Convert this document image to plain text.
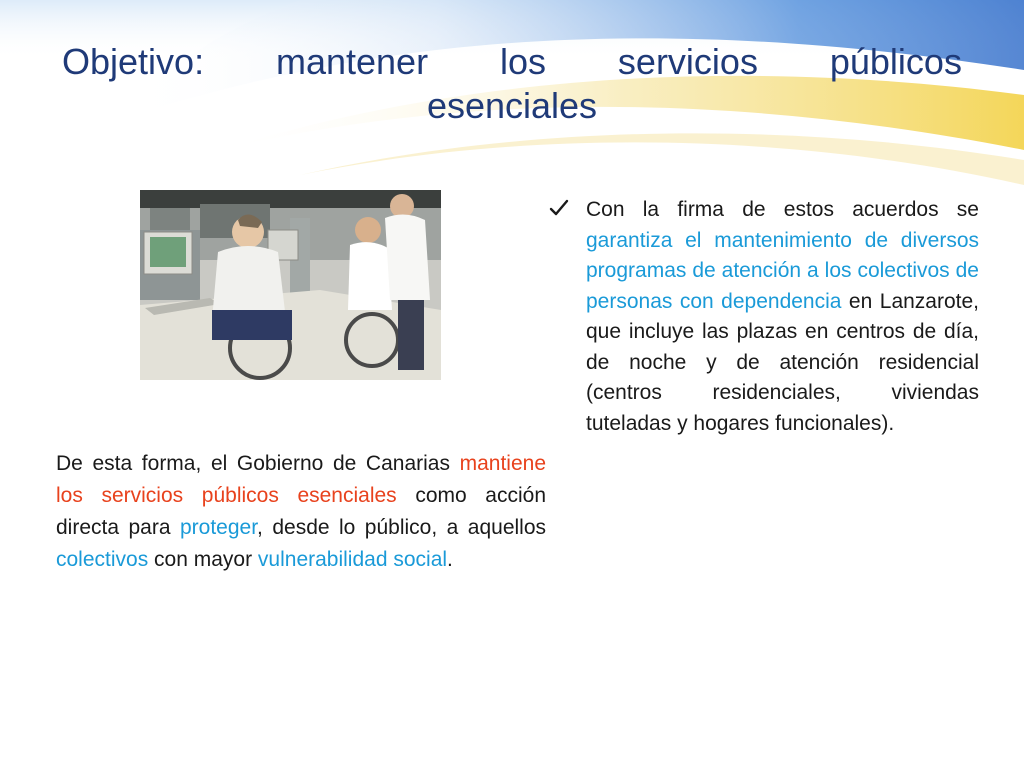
Objetivo: mantener los servicios públicos
esenciales

De esta forma, el Gobierno de Canarias mantiene los servicios públicos esenciales como acción directa para proteger, desde lo público, a aquellos colectivos con mayor vulnerabilidad social.

Con la firma de estos acuerdos se garantiza el mantenimiento de diversos programas de atención a los colectivos de personas con dependencia en Lanzarote, que incluye las plazas en centros de día, de noche y de atención residencial (centros residenciales, viviendas tuteladas y hogares funcionales).
